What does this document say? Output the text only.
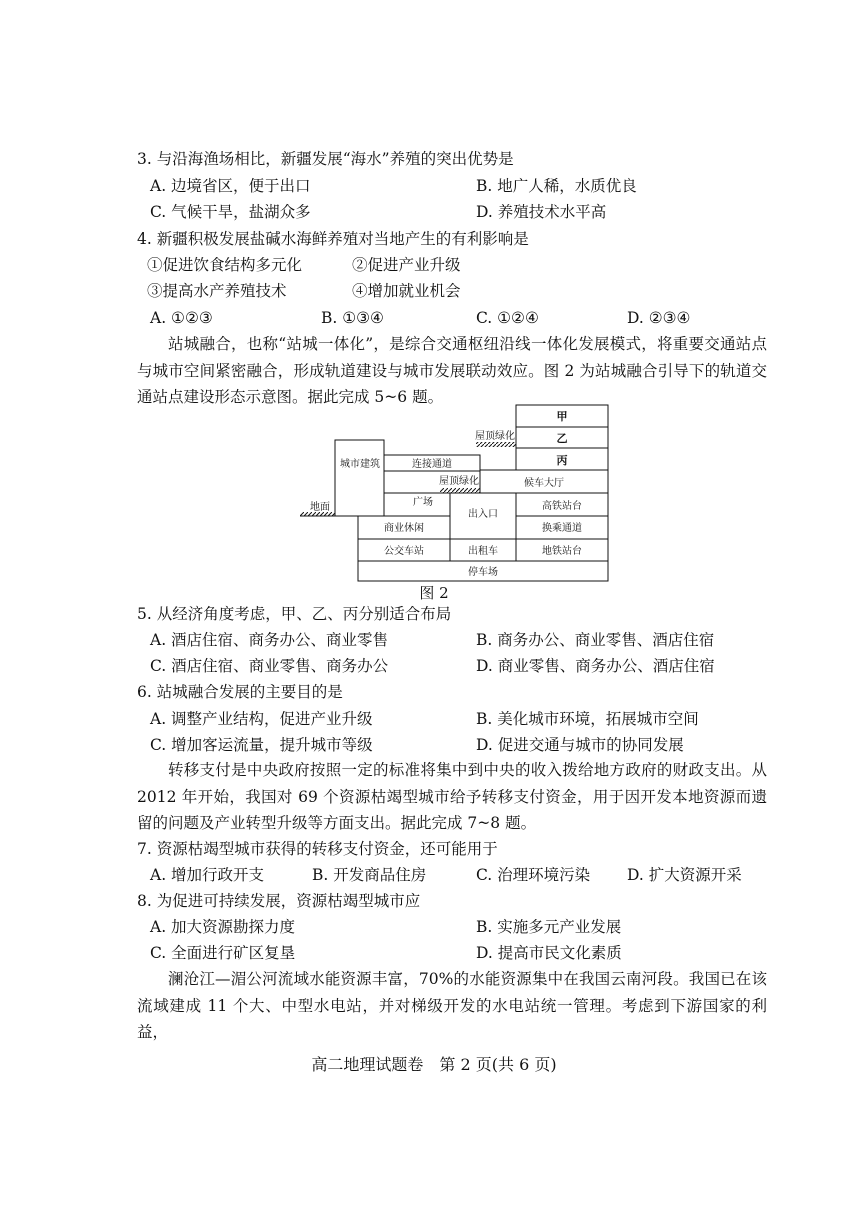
3. 与沿海渔场相比，新疆发展“海水”养殖的突出优势是
A. 边境省区，便于出口	B. 地广人稀，水质优良
C. 气候干旱，盐湖众多	D. 养殖技术水平高
4. 新疆积极发展盐碱水海鲜养殖对当地产生的有利影响是
①促进饮食结构多元化	②促进产业升级
③提高水产养殖技术	④增加就业机会
A. ①②③	B. ①③④	C. ①②④	D. ②③④
站城融合，也称“站城一体化”，是综合交通枢纽沿线一体化发展模式，将重要交通站点与城市空间紧密融合，形成轨道建设与城市发展联动效应。图 2 为站城融合引导下的轨道交通站点建设形态示意图。据此完成 5~6 题。
甲
乙
丙
屋顶绿化
屋顶绿化
城市建筑	连接通道
候车大厅
地面	广场
出入口
高铁站台
换乘通道
地铁站台
商业休闲
公交车站	出租车
停车场
图 2
5. 从经济角度考虑，甲、乙、丙分别适合布局
A. 酒店住宿、商务办公、商业零售	B. 商务办公、商业零售、酒店住宿
C. 酒店住宿、商业零售、商务办公	D. 商业零售、商务办公、酒店住宿
6. 站城融合发展的主要目的是
A. 调整产业结构，促进产业升级	B. 美化城市环境，拓展城市空间
C. 增加客运流量，提升城市等级	D. 促进交通与城市的协同发展
转移支付是中央政府按照一定的标准将集中到中央的收入拨给地方政府的财政支出。从 2012 年开始，我国对 69 个资源枯竭型城市给予转移支付资金，用于因开发本地资源而遗留的问题及产业转型升级等方面支出。据此完成 7~8 题。
7. 资源枯竭型城市获得的转移支付资金，还可能用于
A. 增加行政开支	B. 开发商品住房	C. 治理环境污染 D. 扩大资源开采
8. 为促进可持续发展，资源枯竭型城市应
A. 加大资源勘探力度	B. 实施多元产业发展
C. 全面进行矿区复垦	D. 提高市民文化素质
澜沧江—湄公河流域水能资源丰富，70%的水能资源集中在我国云南河段。我国已在该流域建成 11 个大、中型水电站，并对梯级开发的水电站统一管理。考虑到下游国家的利益，
高二地理试题卷　第 2 页(共 6 页)
